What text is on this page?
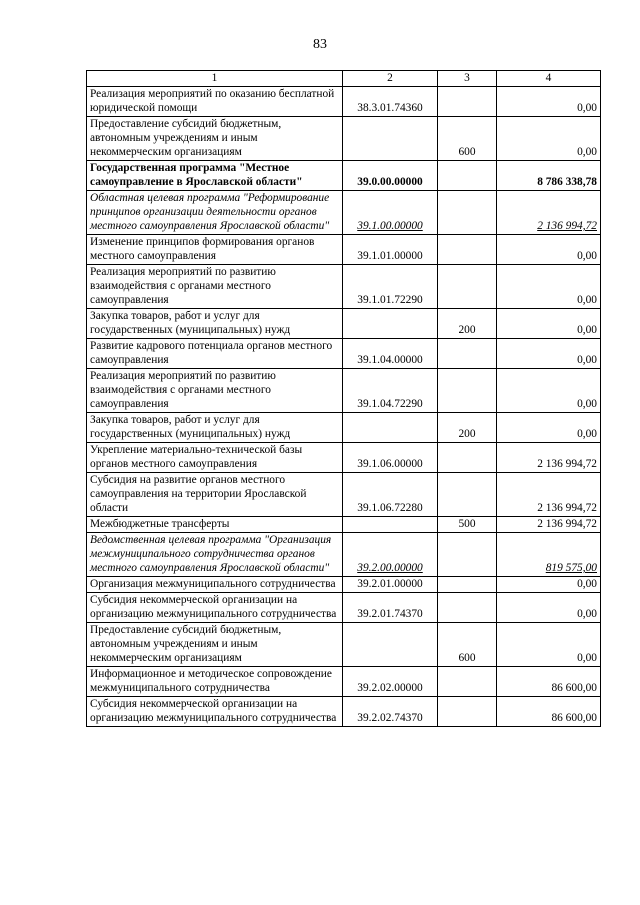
83
1	2	3	4
Реализация мероприятий по оказанию бесплатной юридической помощи	38.3.01.74360		0,00
Предоставление субсидий бюджетным, автономным учреждениям и иным некоммерческим организациям		600	0,00
Государственная программа "Местное самоуправление в Ярославской области"	39.0.00.00000		8 786 338,78
Областная целевая программа "Реформирование принципов организации деятельности органов местного самоуправления Ярославской области"	39.1.00.00000		2 136 994,72
Изменение принципов формирования органов местного самоуправления	39.1.01.00000		0,00
Реализация мероприятий по развитию взаимодействия с органами местного самоуправления	39.1.01.72290		0,00
Закупка товаров, работ и услуг для государственных (муниципальных) нужд		200	0,00
Развитие кадрового потенциала органов местного самоуправления	39.1.04.00000		0,00
Реализация мероприятий по развитию взаимодействия с органами местного самоуправления	39.1.04.72290		0,00
Закупка товаров, работ и услуг для государственных (муниципальных) нужд		200	0,00
Укрепление материально-технической базы органов местного самоуправления	39.1.06.00000		2 136 994,72
Субсидия на развитие органов местного самоуправления на территории Ярославской области	39.1.06.72280		2 136 994,72
Межбюджетные трансферты		500	2 136 994,72
Ведомственная целевая программа "Организация межмуниципального сотрудничества органов местного самоуправления Ярославской области"	39.2.00.00000		819 575,00
Организация межмуниципального сотрудничества	39.2.01.00000		0,00
Субсидия некоммерческой организации на организацию межмуниципального сотрудничества	39.2.01.74370		0,00
Предоставление субсидий бюджетным, автономным учреждениям и иным некоммерческим организациям		600	0,00
Информационное и методическое сопровождение межмуниципального сотрудничества	39.2.02.00000		86 600,00
Субсидия некоммерческой организации на организацию межмуниципального сотрудничества	39.2.02.74370		86 600,00
